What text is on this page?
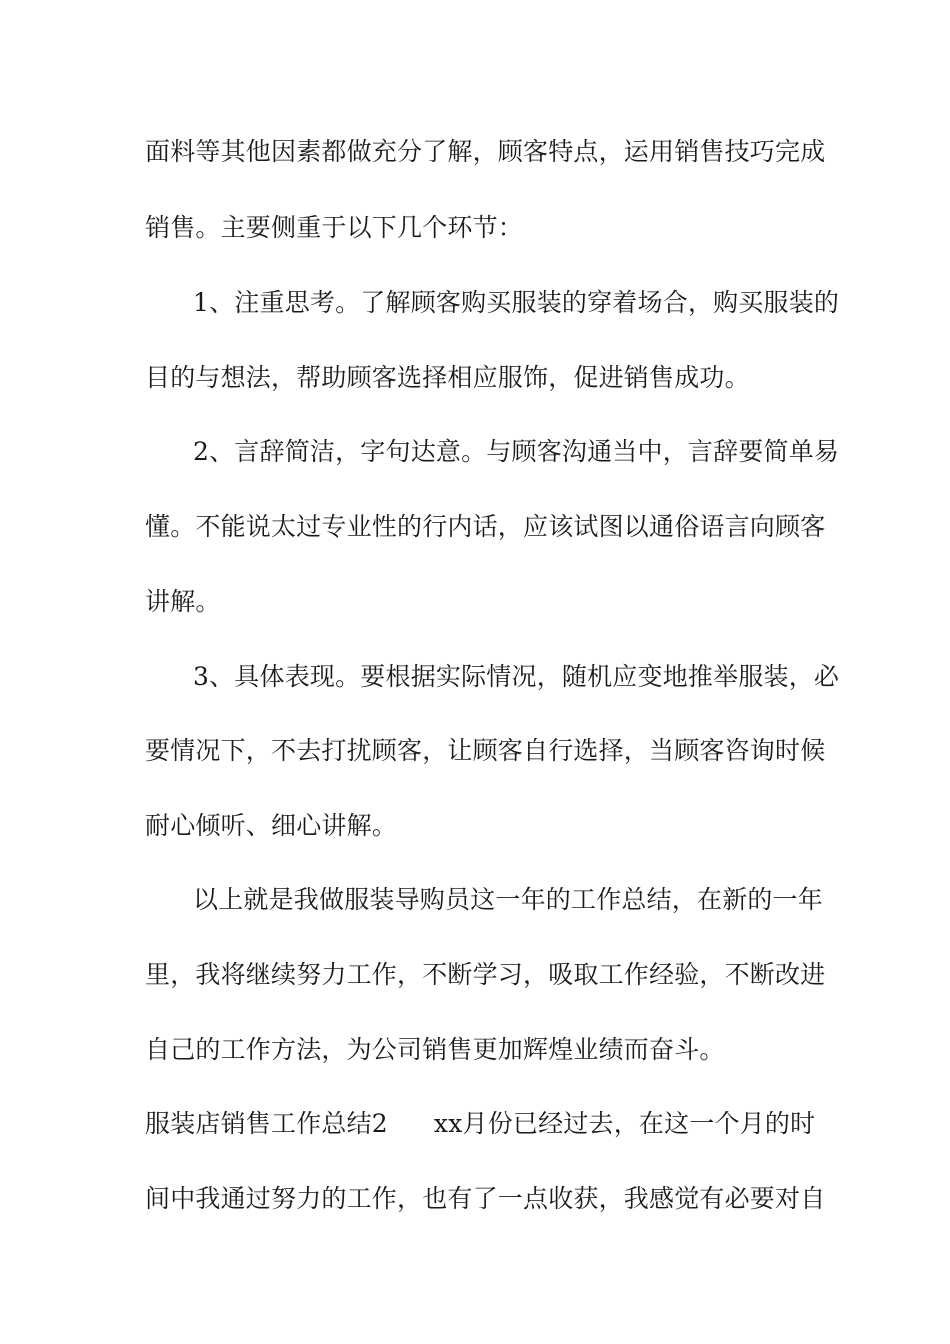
面料等其他因素都做充分了解，顾客特点，运用销售技巧完成
销售。主要侧重于以下几个环节：
1、注重思考。了解顾客购买服装的穿着场合，购买服装的
目的与想法，帮助顾客选择相应服饰，促进销售成功。
2、言辞简洁，字句达意。与顾客沟通当中，言辞要简单易
懂。不能说太过专业性的行内话，应该试图以通俗语言向顾客
讲解。
3、具体表现。要根据实际情况，随机应变地推举服装，必
要情况下，不去打扰顾客，让顾客自行选择，当顾客咨询时候
耐心倾听、细心讲解。
以上就是我做服装导购员这一年的工作总结，在新的一年
里，我将继续努力工作，不断学习，吸取工作经验，不断改进
自己的工作方法，为公司销售更加辉煌业绩而奋斗。
服装店销售工作总结2 xx月份已经过去，在这一个月的时
间中我通过努力的工作，也有了一点收获，我感觉有必要对自
